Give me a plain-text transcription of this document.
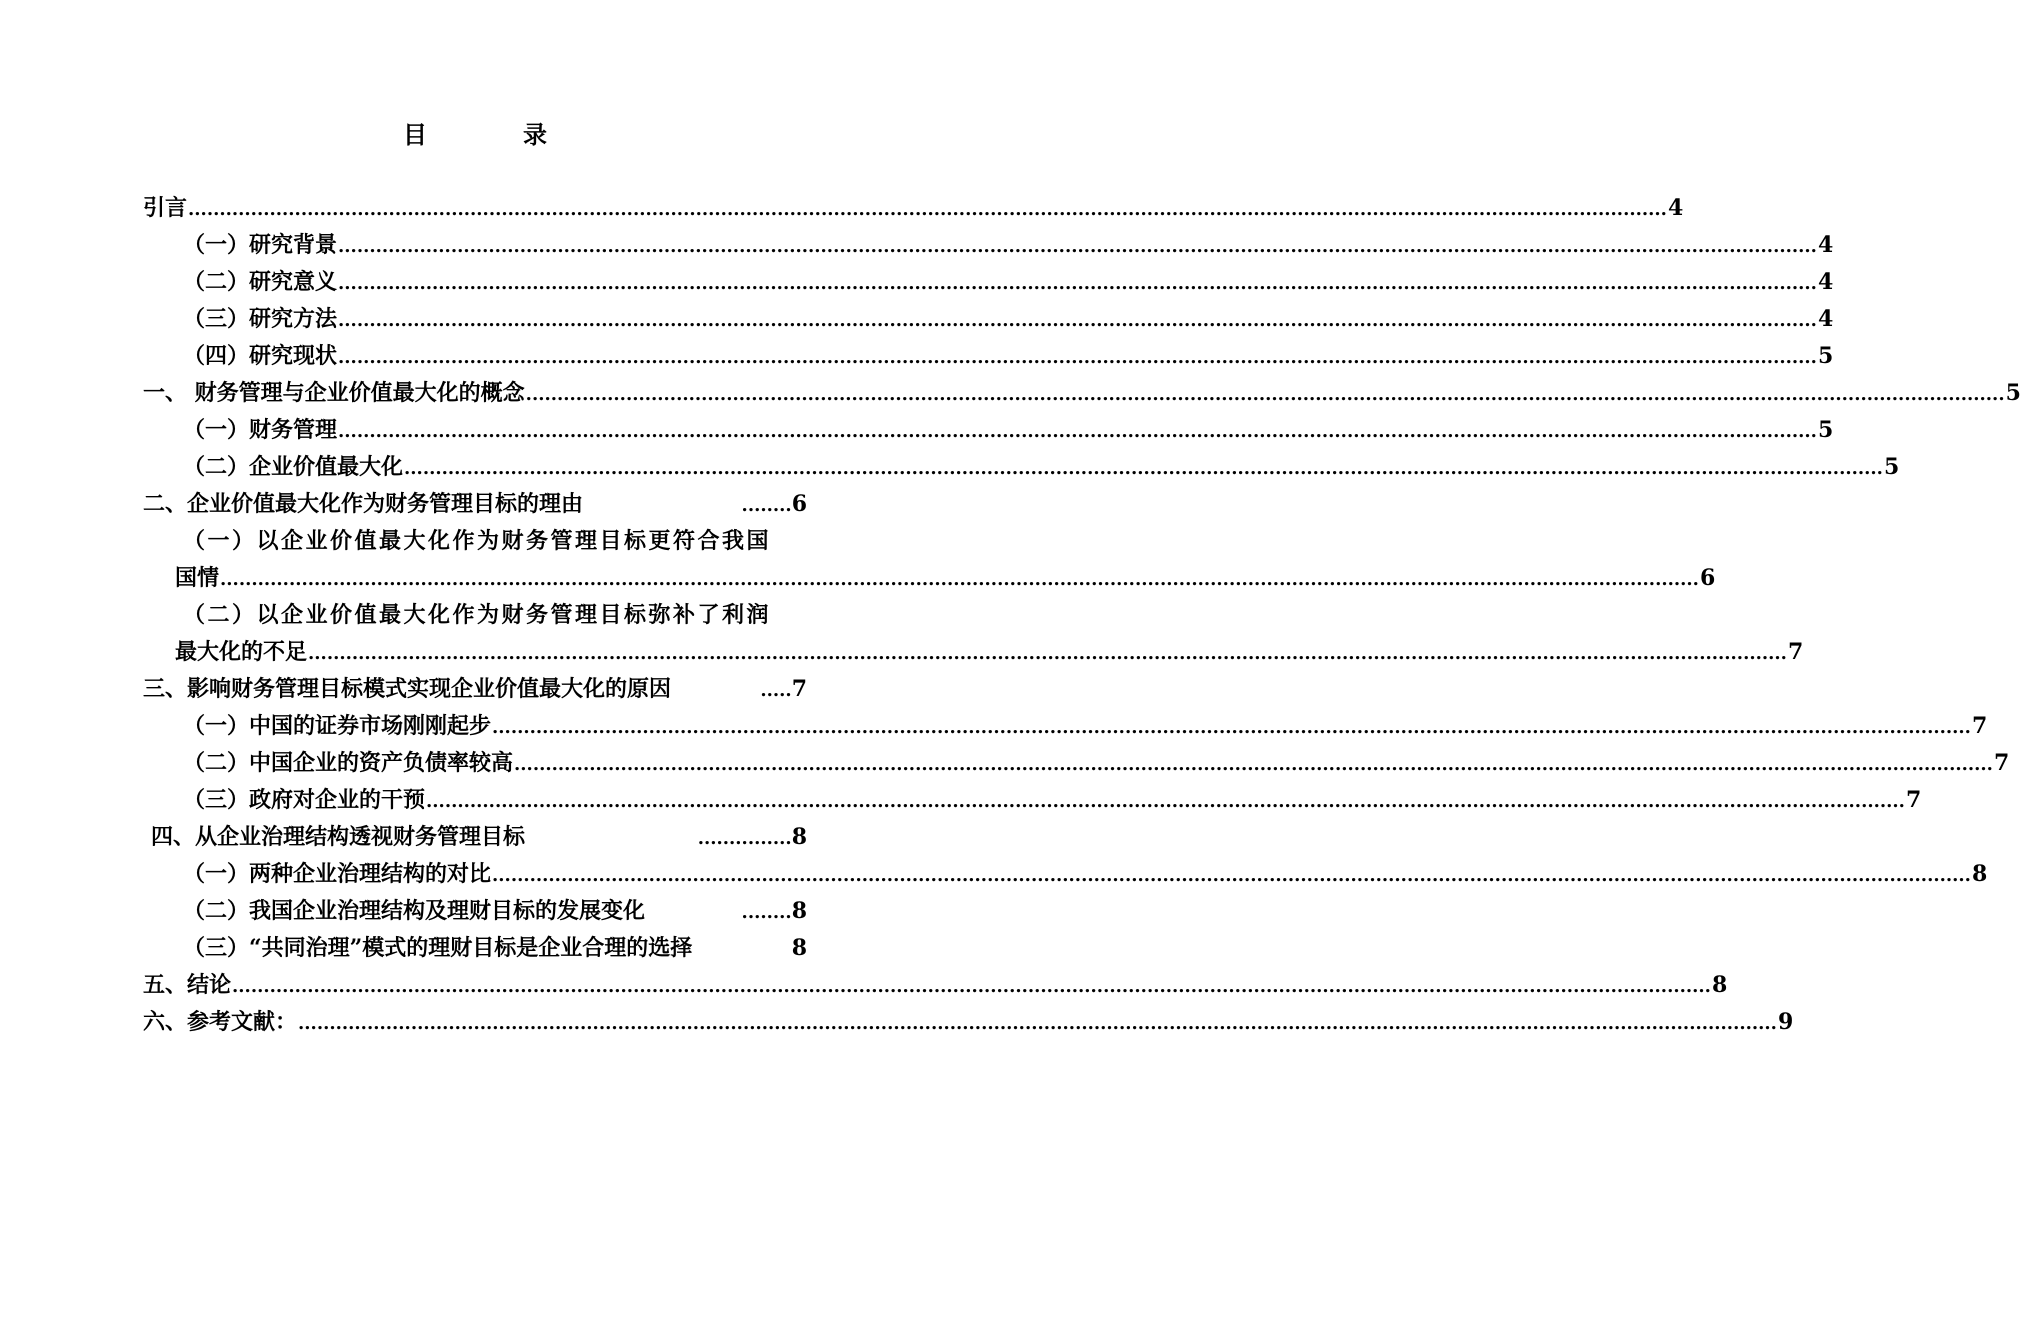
目　录
引言 ............................................................................................................................................................................................................................................ 4
（一）研究背景 ............................................................................................................................................................................................................................................ 4
（二）研究意义 ............................................................................................................................................................................................................................................ 4
（三）研究方法 ............................................................................................................................................................................................................................................ 4
（四）研究现状 ............................................................................................................................................................................................................................................ 5
一、 财务管理与企业价值最大化的概念 ............................................................................................................................................................................................................................................ 5
（一）财务管理 ............................................................................................................................................................................................................................................ 5
（二）企业价值最大化 ............................................................................................................................................................................................................................................ 5
二、企业价值最大化作为财务管理目标的理由	........ 6
（一）以企业价值最大化作为财务管理目标更符合我国
国情 ............................................................................................................................................................................................................................................ 6
（二）以企业价值最大化作为财务管理目标弥补了利润
最大化的不足 ............................................................................................................................................................................................................................................ 7
三、影响财务管理目标模式实现企业价值最大化的原因	..... 7
（一）中国的证券市场刚刚起步 ............................................................................................................................................................................................................................................ 7
（二）中国企业的资产负债率较高 ............................................................................................................................................................................................................................................ 7
（三）政府对企业的干预 ............................................................................................................................................................................................................................................ 7
四、从企业治理结构透视财务管理目标	............... 8
（一）两种企业治理结构的对比 ............................................................................................................................................................................................................................................ 8
（二）我国企业治理结构及理财目标的发展变化	........ 8
（三）“共同治理”模式的理财目标是企业合理的选择	8
五、结论 ............................................................................................................................................................................................................................................ 8
六、参考文献： ............................................................................................................................................................................................................................................ 9
